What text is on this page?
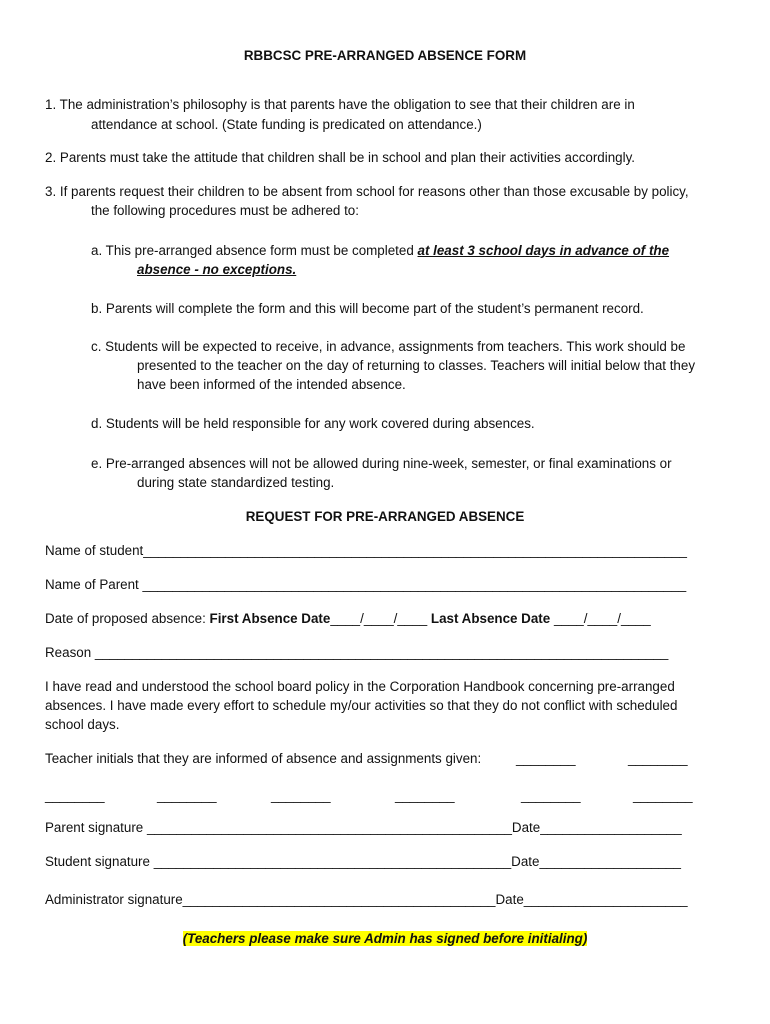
RBBCSC PRE-ARRANGED ABSENCE FORM
1. The administration’s philosophy is that parents have the obligation to see that their children are in
attendance at school. (State funding is predicated on attendance.)
2. Parents must take the attitude that children shall be in school and plan their activities accordingly.
3. If parents request their children to be absent from school for reasons other than those excusable by policy,
the following procedures must be adhered to:
a. This pre-arranged absence form must be completed at least 3 school days in advance of the
absence - no exceptions.
b. Parents will complete the form and this will become part of the student’s permanent record.
c. Students will be expected to receive, in advance, assignments from teachers. This work should be
presented to the teacher on the day of returning to classes. Teachers will initial below that they
have been informed of the intended absence.
d. Students will be held responsible for any work covered during absences.
e. Pre-arranged absences will not be allowed during nine-week, semester, or final examinations or
during state standardized testing.
REQUEST FOR PRE-ARRANGED ABSENCE
Name of student_________________________________________________________________________
Name of Parent _________________________________________________________________________
Date of proposed absence: First Absence Date____/____/____ Last Absence Date ____/____/____
Reason _____________________________________________________________________________
I have read and understood the school board policy in the Corporation Handbook concerning pre-arranged
absences. I have made every effort to schedule my/our activities so that they do not conflict with scheduled
school days.
Teacher initials that they are informed of absence and assignments given:	________	________
________	________	________	________	________	________
Parent signature _________________________________________________Date___________________
Student signature ________________________________________________Date___________________
Administrator signature__________________________________________Date______________________
(Teachers please make sure Admin has signed before initialing)
